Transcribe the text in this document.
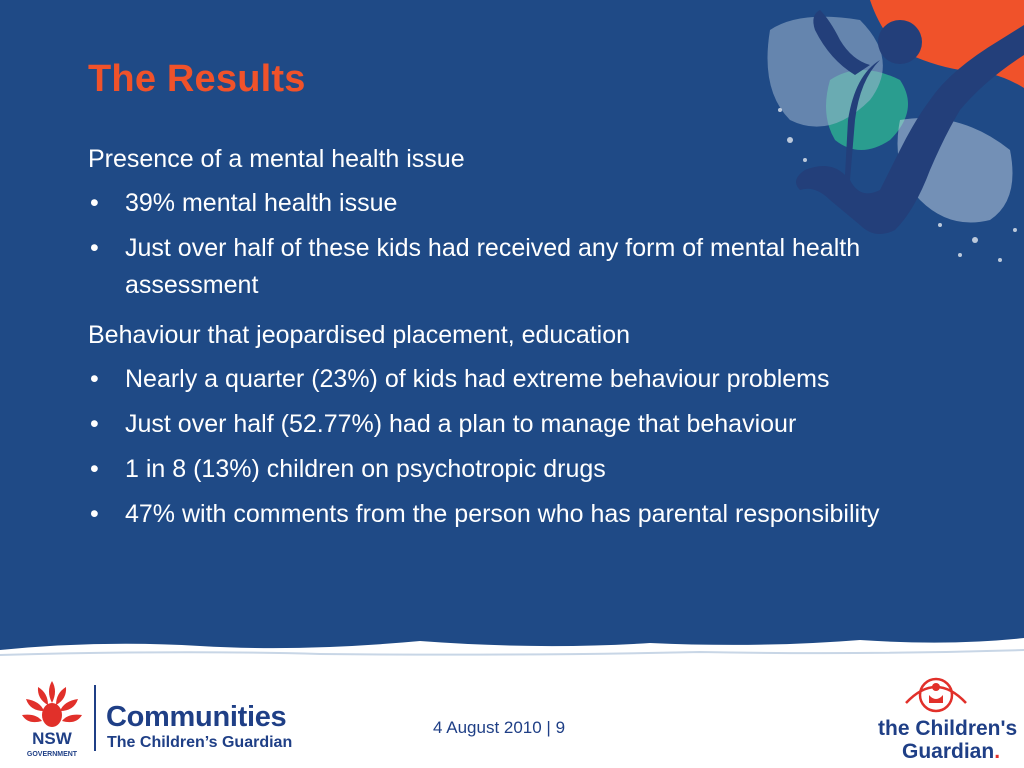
The Results
Presence of a mental health issue
• 39% mental health issue
• Just over half of these kids had received any form of mental health assessment
Behaviour that jeopardised placement, education
• Nearly a quarter (23%) of kids had extreme behaviour problems
• Just over half (52.77%) had a plan to manage that behaviour
• 1 in 8 (13%) children on psychotropic drugs
• 47% with comments from the person who has parental responsibility
NSW
GOVERNMENT
Communities
The Children’s Guardian
4 August 2010 | 9	the Children's
Guardian.
